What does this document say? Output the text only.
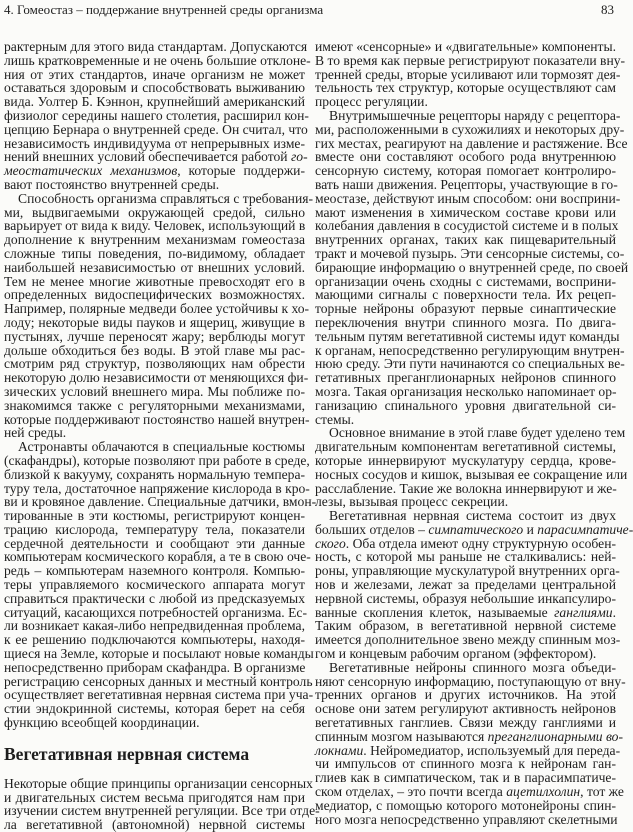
4. Гомеостаз – поддержание внутренней среды организма	83
рактерным для этого вида стандартам. Допускаются
лишь кратковременные и не очень большие отклоне-
ния от этих стандартов, иначе организм не может
оставаться здоровым и способствовать выживанию
вида. Уолтер Б. Кэннон, крупнейший американский
физиолог середины нашего столетия, расширил кон-
цепцию Бернара о внутренней среде. Он считал, что
независимость индивидуума от непрерывных изме-
нений внешних условий обеспечивается работой го-
меостатических механизмов, которые поддержи-
вают постоянство внутренней среды.
Способность организма справляться с требования-
ми, выдвигаемыми окружающей средой, сильно
варьирует от вида к виду. Человек, использующий в
дополнение к внутренним механизмам гомеостаза
сложные типы поведения, по-видимому, обладает
наибольшей независимостью от внешних условий.
Тем не менее многие животные превосходят его в
определенных видоспецифических возможностях.
Например, полярные медведи более устойчивы к хо-
лоду; некоторые виды пауков и ящериц, живущие в
пустынях, лучше переносят жару; верблюды могут
дольше обходиться без воды. В этой главе мы рас-
смотрим ряд структур, позволяющих нам обрести
некоторую долю независимости от меняющихся фи-
зических условий внешнего мира. Мы поближе по-
знакомимся также с регуляторными механизмами,
которые поддерживают постоянство нашей внутрен-
ней среды.
Астронавты облачаются в специальные костюмы
(скафандры), которые позволяют при работе в среде,
близкой к вакууму, сохранять нормальную темпера-
туру тела, достаточное напряжение кислорода в кро-
ви и кровяное давление. Специальные датчики, вмон-
тированные в эти костюмы, регистрируют концен-
трацию кислорода, температуру тела, показатели
сердечной деятельности и сообщают эти данные
компьютерам космического корабля, а те в свою оче-
редь – компьютерам наземного контроля. Компью-
теры управляемого космического аппарата могут
справиться практически с любой из предсказуемых
ситуаций, касающихся потребностей организма. Ес-
ли возникает какая-либо непредвиденная проблема,
к ее решению подключаются компьютеры, находя-
щиеся на Земле, которые и посылают новые команды
непосредственно приборам скафандра. В организме
регистрацию сенсорных данных и местный контроль
осуществляет вегетативная нервная система при уча-
стии эндокринной системы, которая берет на себя
функцию всеобщей координации.
Вегетативная нервная система
Некоторые общие принципы организации сенсорных
и двигательных систем весьма пригодятся нам при
изучении систем внутренней регуляции. Все три отде-
ла вегетативной (автономной) нервной системы
имеют «сенсорные» и «двигательные» компоненты.
В то время как первые регистрируют показатели вну-
тренней среды, вторые усиливают или тормозят дея-
тельность тех структур, которые осуществляют сам
процесс регуляции.
Внутримышечные рецепторы наряду с рецептора-
ми, расположенными в сухожилиях и некоторых дру-
гих местах, реагируют на давление и растяжение. Все
вместе они составляют особого рода внутреннюю
сенсорную систему, которая помогает контролиро-
вать наши движения. Рецепторы, участвующие в го-
меостазе, действуют иным способом: они восприни-
мают изменения в химическом составе крови или
колебания давления в сосудистой системе и в полых
внутренних органах, таких как пищеварительный
тракт и мочевой пузырь. Эти сенсорные системы, со-
бирающие информацию о внутренней среде, по своей
организации очень сходны с системами, восприни-
мающими сигналы с поверхности тела. Их рецеп-
торные нейроны образуют первые синаптические
переключения внутри спинного мозга. По двига-
тельным путям вегетативной системы идут команды
к органам, непосредственно регулирующим внутрен-
нюю среду. Эти пути начинаются со специальных ве-
гетативных преганглионарных нейронов спинного
мозга. Такая организация несколько напоминает ор-
ганизацию спинального уровня двигательной си-
стемы.
Основное внимание в этой главе будет уделено тем
двигательным компонентам вегетативной системы,
которые иннервируют мускулатуру сердца, крове-
носных сосудов и кишок, вызывая ее сокращение или
расслабление. Такие же волокна иннервируют и же-
лезы, вызывая процесс секреции.
Вегетативная нервная система состоит из двух
больших отделов – симпатического и парасимпатиче-
ского. Оба отдела имеют одну структурную особен-
ность, с которой мы раньше не сталкивались: ней-
роны, управляющие мускулатурой внутренних орга-
нов и железами, лежат за пределами центральной
нервной системы, образуя небольшие инкапсулиро-
ванные скопления клеток, называемые ганглиями.
Таким образом, в вегетативной нервной системе
имеется дополнительное звено между спинным моз-
гом и концевым рабочим органом (эффектором).
Вегетативные нейроны спинного мозга объеди-
няют сенсорную информацию, поступающую от вну-
тренних органов и других источников. На этой
основе они затем регулируют активность нейронов
вегетативных ганглиев. Связи между ганглиями и
спинным мозгом называются преганглионарными во-
локнами. Нейромедиатор, используемый для переда-
чи импульсов от спинного мозга к нейронам ган-
глиев как в симпатическом, так и в парасимпатиче-
ском отделах, – это почти всегда ацетилхолин, тот же
медиатор, с помощью которого мотонейроны спин-
ного мозга непосредственно управляют скелетными
